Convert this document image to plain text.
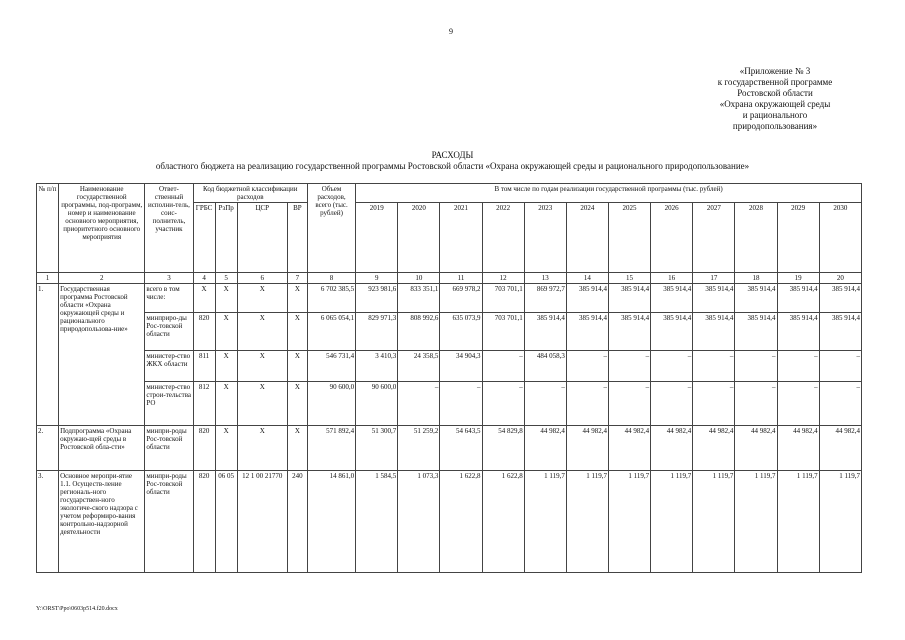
9
«Приложение № 3
к государственной программе
Ростовской области
«Охрана окружающей среды
и рационального
природопользования»
РАСХОДЫ
областного бюджета на реализацию государственной программы Ростовской области «Охрана окружающей среды и рационального природопользование»
№ п/п	Наименование государственной программы, под-программ, номер и наименование основного мероприятия, приоритетного основного мероприятия	Ответ-ственный исполни-тель, соис-полнитель, участник	Код бюджетной классификации расходов				Объем расходов, всего (тыс. рублей)	В том числе по годам реализации государственной программы (тыс. рублей)											
			ГРБС	РзПр	ЦСР	ВР		2019	2020	2021	2022	2023	2024	2025	2026	2027	2028	2029	2030
1	2	3	4	5	6	7	8	9	10	11	12	13	14	15	16	17	18	19	20
1.	Государственная программа Ростовской области «Охрана окружающей среды и рационального природопользова-ние»	всего в том числе:	Х	Х	Х	Х	6 702 385,5	923 981,6	833 351,1	669 978,2	703 701,1	869 972,7	385 914,4	385 914,4	385 914,4	385 914,4	385 914,4	385 914,4	385 914,4
		минприро-ды Рос-товской области	820	Х	Х	Х	6 065 054,1	829 971,3	808 992,6	635 073,9	703 701,1	385 914,4	385 914,4	385 914,4	385 914,4	385 914,4	385 914,4	385 914,4	385 914,4
		министер-ство ЖКХ области	811	Х	Х	Х	546 731,4	3 410,3	24 358,5	34 904,3	–	484 058,3	–	–	–	–	–	–	–
		министер-ство строи-тельства РО	812	Х	Х	Х	90 600,0	90 600,0	–	–	–	–	–	–	–	–	–	–	–
2.	Подпрограмма «Охрана окружаю-щей среды в Ростовской обла-сти»	минпри-роды Рос-товской области	820	Х	Х	Х	571 892,4	51 300,7	51 259,2	54 643,5	54 829,8	44 982,4	44 982,4	44 982,4	44 982,4	44 982,4	44 982,4	44 982,4	44 982,4
3.	Основное меропри-ятие 1.1. Осуществ-ление региональ-ного государствен-ного экологиче-ского надзора с учетом реформиро-вания контрольно-надзорной деятельности	минпри-роды Рос-товской области	820	06 05	12 1 00 21770	240	14 861,0	1 584,5	1 073,3	1 622,8	1 622,8	1 119,7	1 119,7	1 119,7	1 119,7	1 119,7	1 119,7	1 119,7	1 119,7
Y:\ORST\Ppo\0603p514.f20.docx
